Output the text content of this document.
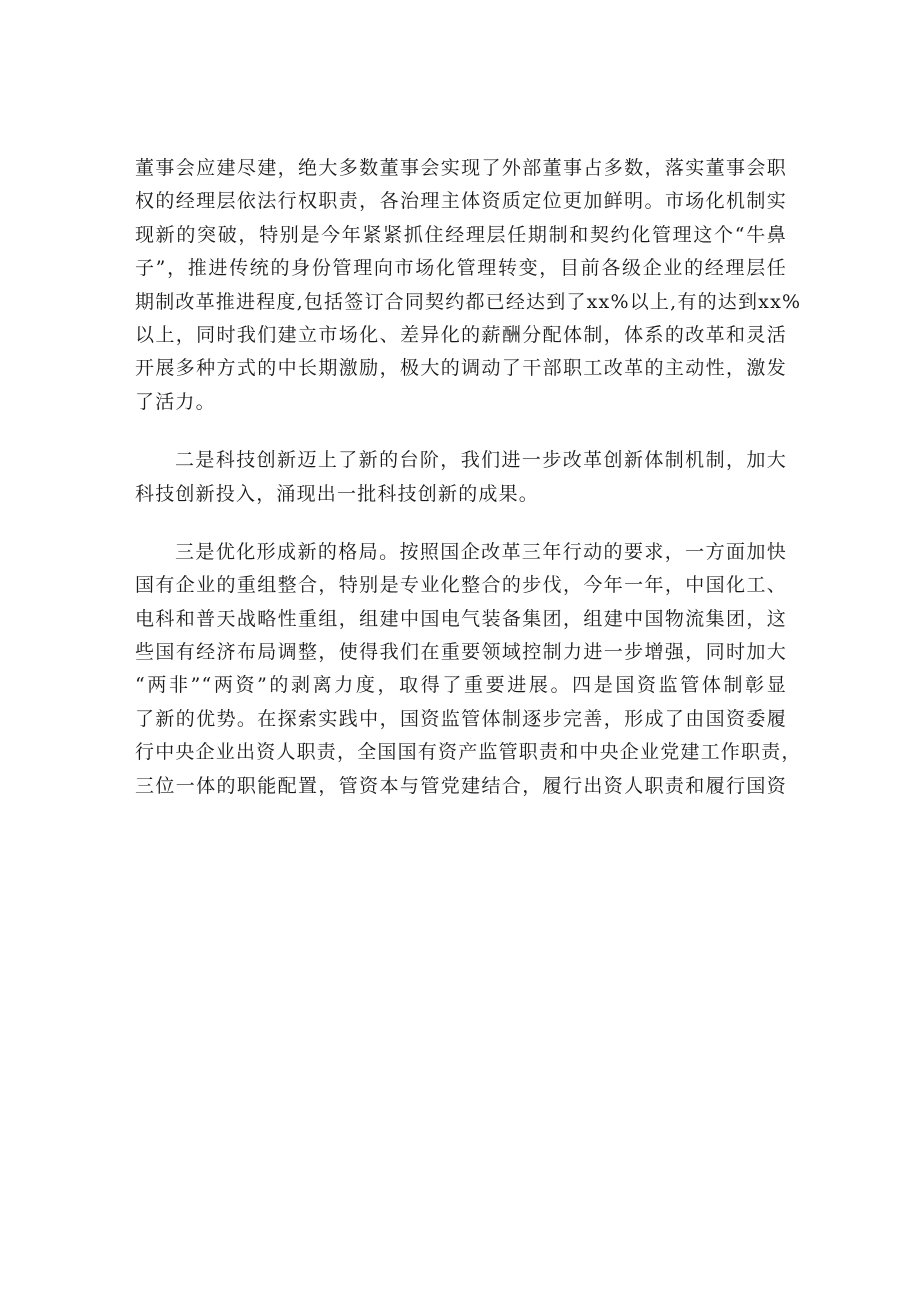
董事会应建尽建，绝大多数董事会实现了外部董事占多数，落实董事会职
权的经理层依法行权职责，各治理主体资质定位更加鲜明。市场化机制实
现新的突破，特别是今年紧紧抓住经理层任期制和契约化管理这个“牛鼻
子”，推进传统的身份管理向市场化管理转变，目前各级企业的经理层任
期制改革推进程度,包括签订合同契约都已经达到了xx%以上,有的达到xx%
以上，同时我们建立市场化、差异化的薪酬分配体制，体系的改革和灵活
开展多种方式的中长期激励，极大的调动了干部职工改革的主动性，激发
了活力。
二是科技创新迈上了新的台阶，我们进一步改革创新体制机制，加大
科技创新投入，涌现出一批科技创新的成果。
三是优化形成新的格局。按照国企改革三年行动的要求，一方面加快
国有企业的重组整合，特别是专业化整合的步伐，今年一年，中国化工、
电科和普天战略性重组，组建中国电气装备集团，组建中国物流集团，这
些国有经济布局调整，使得我们在重要领域控制力进一步增强，同时加大
“两非”“两资”的剥离力度，取得了重要进展。四是国资监管体制彰显
了新的优势。在探索实践中，国资监管体制逐步完善，形成了由国资委履
行中央企业出资人职责，全国国有资产监管职责和中央企业党建工作职责，
三位一体的职能配置，管资本与管党建结合，履行出资人职责和履行国资
